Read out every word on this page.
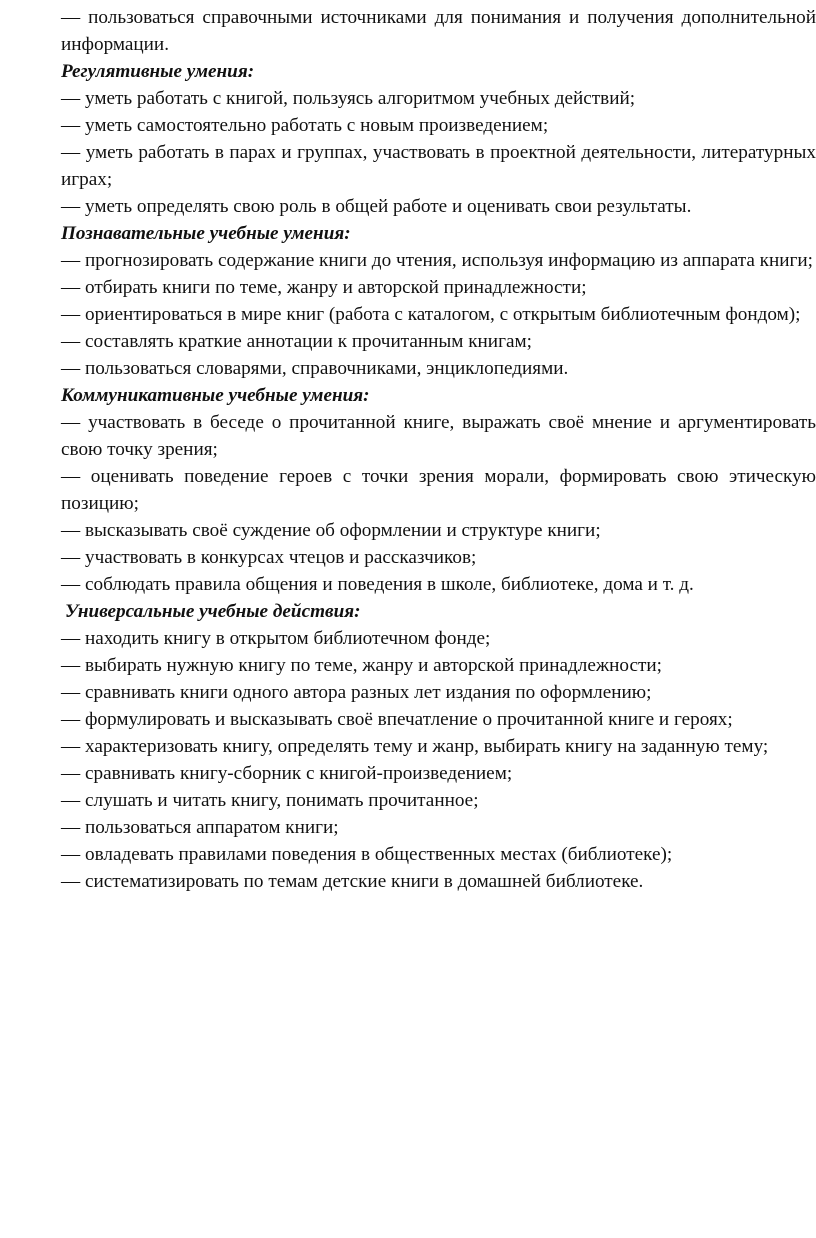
— пользоваться справочными источниками для понимания и получения дополнительной информации.
Регулятивные умения:
— уметь работать с книгой, пользуясь алгоритмом учебных действий;
— уметь самостоятельно работать с новым произведением;
— уметь работать в парах и группах, участвовать в проектной деятельности, литературных играх;
— уметь определять свою роль в общей работе и оценивать свои результаты.
Познавательные учебные умения:
— прогнозировать содержание книги до чтения, используя информацию из аппарата книги;
— отбирать книги по теме, жанру и авторской принадлежности;
— ориентироваться в мире книг (работа с каталогом, с открытым библиотечным фондом);
— составлять краткие аннотации к прочитанным книгам;
— пользоваться словарями, справочниками, энциклопедиями.
Коммуникативные учебные умения:
— участвовать в беседе о прочитанной книге, выражать своё мнение и аргументировать свою точку зрения;
— оценивать поведение героев с точки зрения морали, формировать свою этическую позицию;
— высказывать своё суждение об оформлении и структуре книги;
— участвовать в конкурсах чтецов и рассказчиков;
— соблюдать правила общения и поведения в школе, библиотеке, дома и т. д.
Универсальные учебные действия:
— находить книгу в открытом библиотечном фонде;
— выбирать нужную книгу по теме, жанру и авторской принадлежности;
— сравнивать книги одного автора разных лет издания по оформлению;
— формулировать и высказывать своё впечатление о прочитанной книге и героях;
— характеризовать книгу, определять тему и жанр, выбирать книгу на заданную тему;
— сравнивать книгу-сборник с книгой-произведением;
— слушать и читать книгу, понимать прочитанное;
— пользоваться аппаратом книги;
— овладевать правилами поведения в общественных местах (библиотеке);
— систематизировать по темам детские книги в домашней библиотеке.
